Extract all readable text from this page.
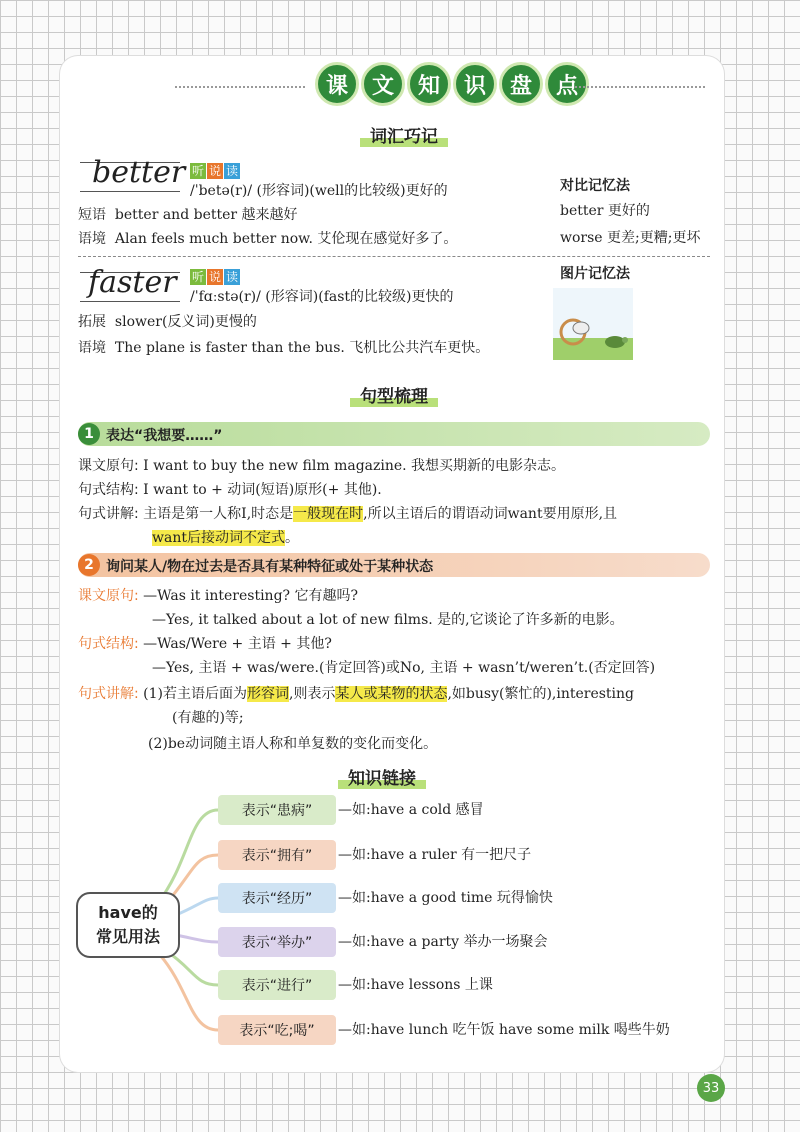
课	文	知	识	盘	点
词汇巧记
better 听 说 读
/ˈbetə(r)/ (形容词)(well的比较级)更好的
短语 better and better 越来越好
语境 Alan feels much better now. 艾伦现在感觉好多了。
对比记忆法
better 更好的
worse 更差;更糟;更坏
faster 听 说 读
/ˈfɑːstə(r)/ (形容词)(fast的比较级)更快的
拓展 slower(反义词)更慢的
语境 The plane is faster than the bus. 飞机比公共汽车更快。
图片记忆法
句型梳理
1 表达“我想要……”
课文原句: I want to buy the new film magazine. 我想买期新的电影杂志。
句式结构: I want to + 动词(短语)原形(+ 其他).
句式讲解: 主语是第一人称I,时态是一般现在时,所以主语后的谓语动词want要用原形,且
want后接动词不定式。
2 询问某人/物在过去是否具有某种特征或处于某种状态
课文原句: —Was it interesting? 它有趣吗?
—Yes, it talked about a lot of new films. 是的,它谈论了许多新的电影。
句式结构: —Was/Were + 主语 + 其他?
—Yes, 主语 + was/were.(肯定回答)或No, 主语 + wasn’t/weren’t.(否定回答)
句式讲解: (1)若主语后面为形容词,则表示某人或某物的状态,如busy(繁忙的),interesting
(有趣的)等;
(2)be动词随主语人称和单复数的变化而变化。
知识链接
have的
常见用法
表示“患病”	—如:have a cold 感冒
表示“拥有”	—如:have a ruler 有一把尺子
表示“经历”	—如:have a good time 玩得愉快
表示“举办”	—如:have a party 举办一场聚会
表示“进行”	—如:have lessons 上课
表示“吃;喝”	—如:have lunch 吃午饭 have some milk 喝些牛奶
33
